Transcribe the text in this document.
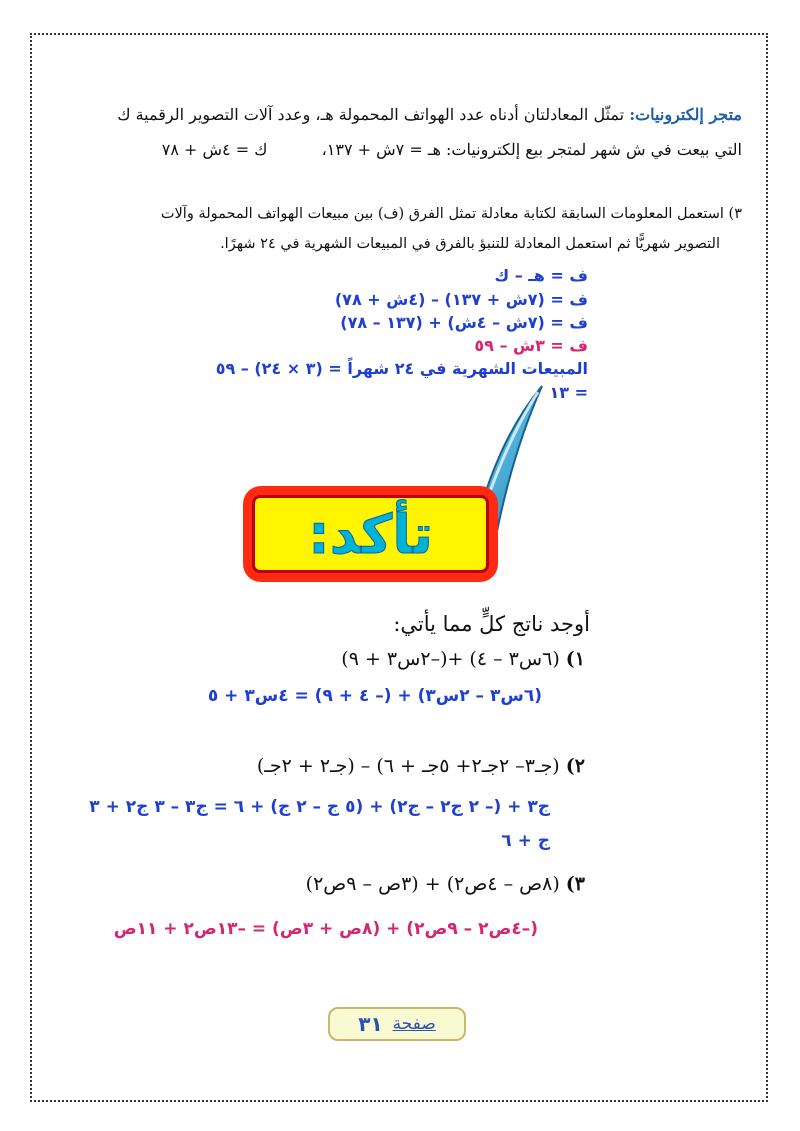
متجر إلكترونيات: تمثّل المعادلتان أدناه عدد الهواتف المحمولة هـ، وعدد آلات التصوير الرقمية ك
التي بيعت في ش شهر لمتجر بيع إلكترونيات: هـ = ٧ش + ١٣٧،  ك = ٤ش + ٧٨
٣) استعمل المعلومات السابقة لكتابة معادلة تمثل الفرق (ف) بين مبيعات الهواتف المحمولة وآلات
التصوير شهريًّا ثم استعمل المعادلة للتنبؤ بالفرق في المبيعات الشهرية في ٢٤ شهرًا.
ف = هـ – ك
ف = (٧ش + ١٣٧) – (٤ش + ٧٨)
ف = (٧ش – ٤ش) + (١٣٧ – ٧٨)
ف = ٣ش – ٥٩
المبيعات الشهرية في ٢٤ شهراً = (٣ × ٢٤) – ٥٩
= ١٣
تأكد:
أوجد ناتج كلٍّ مما يأتي:
١) (٦س٣ – ٤) +(–٢س٣ + ٩)
(٦س٣ – ٢س٣) + (– ٤ + ٩) = ٤س٣ + ٥
٢) (جـ٣– ٢جـ٢+ ٥جـ + ٦) – (جـ٢ + ٢جـ)
ج٣ + (– ٢ ج٢ – ج٢) + (٥ ج – ٢ ج) + ٦ = ج٣ – ٣ ج٢ + ٣
ج + ٦
٣) (٨ص – ٤ص٢) + (٣ص – ٩ص٢)
(–٤ص٢ – ٩ص٢) + (٨ص + ٣ص) = –١٣ص٢ + ١١ص
صفحة
٣١
